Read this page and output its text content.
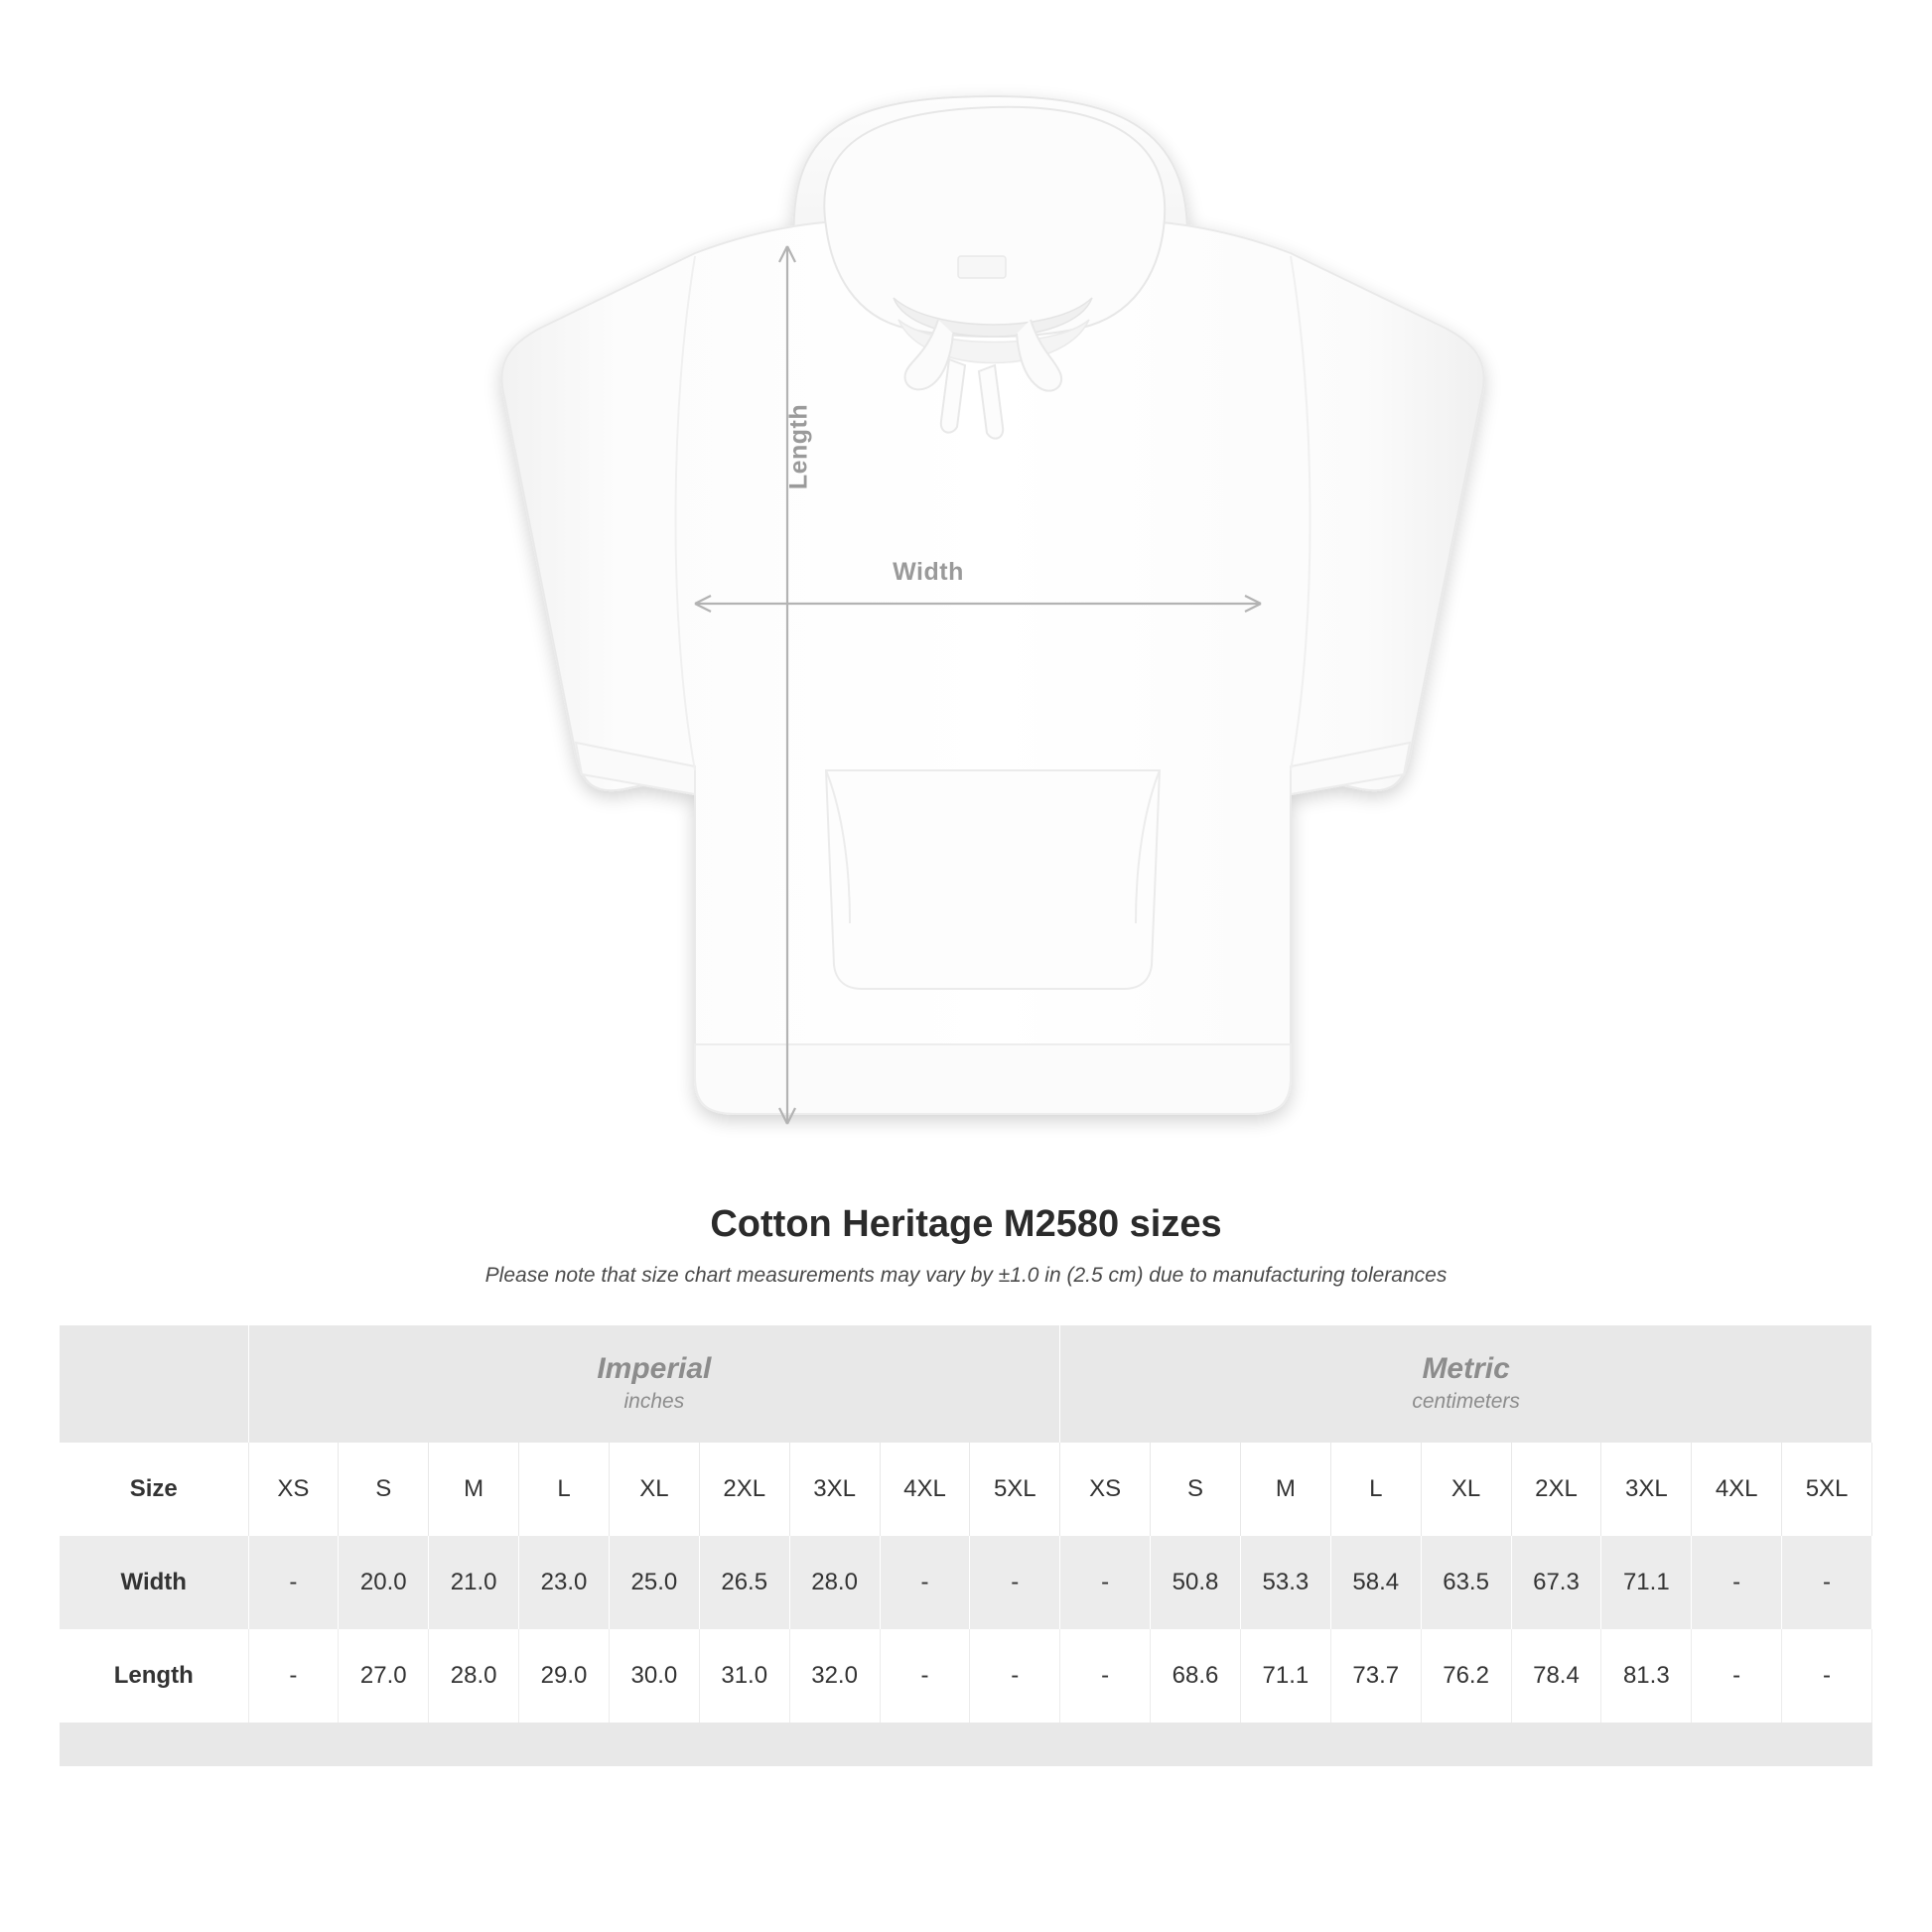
Width
Length
Cotton Heritage M2580 sizes

Please note that size chart measurements may vary by ±1.0 in (2.5 cm) due to manufacturing tolerances

	Imperial
inches									Metric
centimeters								

Size	XS	S	M	L	XL	2XL	3XL	4XL	5XL	XS	S	M	L	XL	2XL	3XL	4XL	5XL
Width	-	20.0	21.0	23.0	25.0	26.5	28.0	-	-	-	50.8	53.3	58.4	63.5	67.3	71.1	-	-
Length	-	27.0	28.0	29.0	30.0	31.0	32.0	-	-	-	68.6	71.1	73.7	76.2	78.4	81.3	-	-
